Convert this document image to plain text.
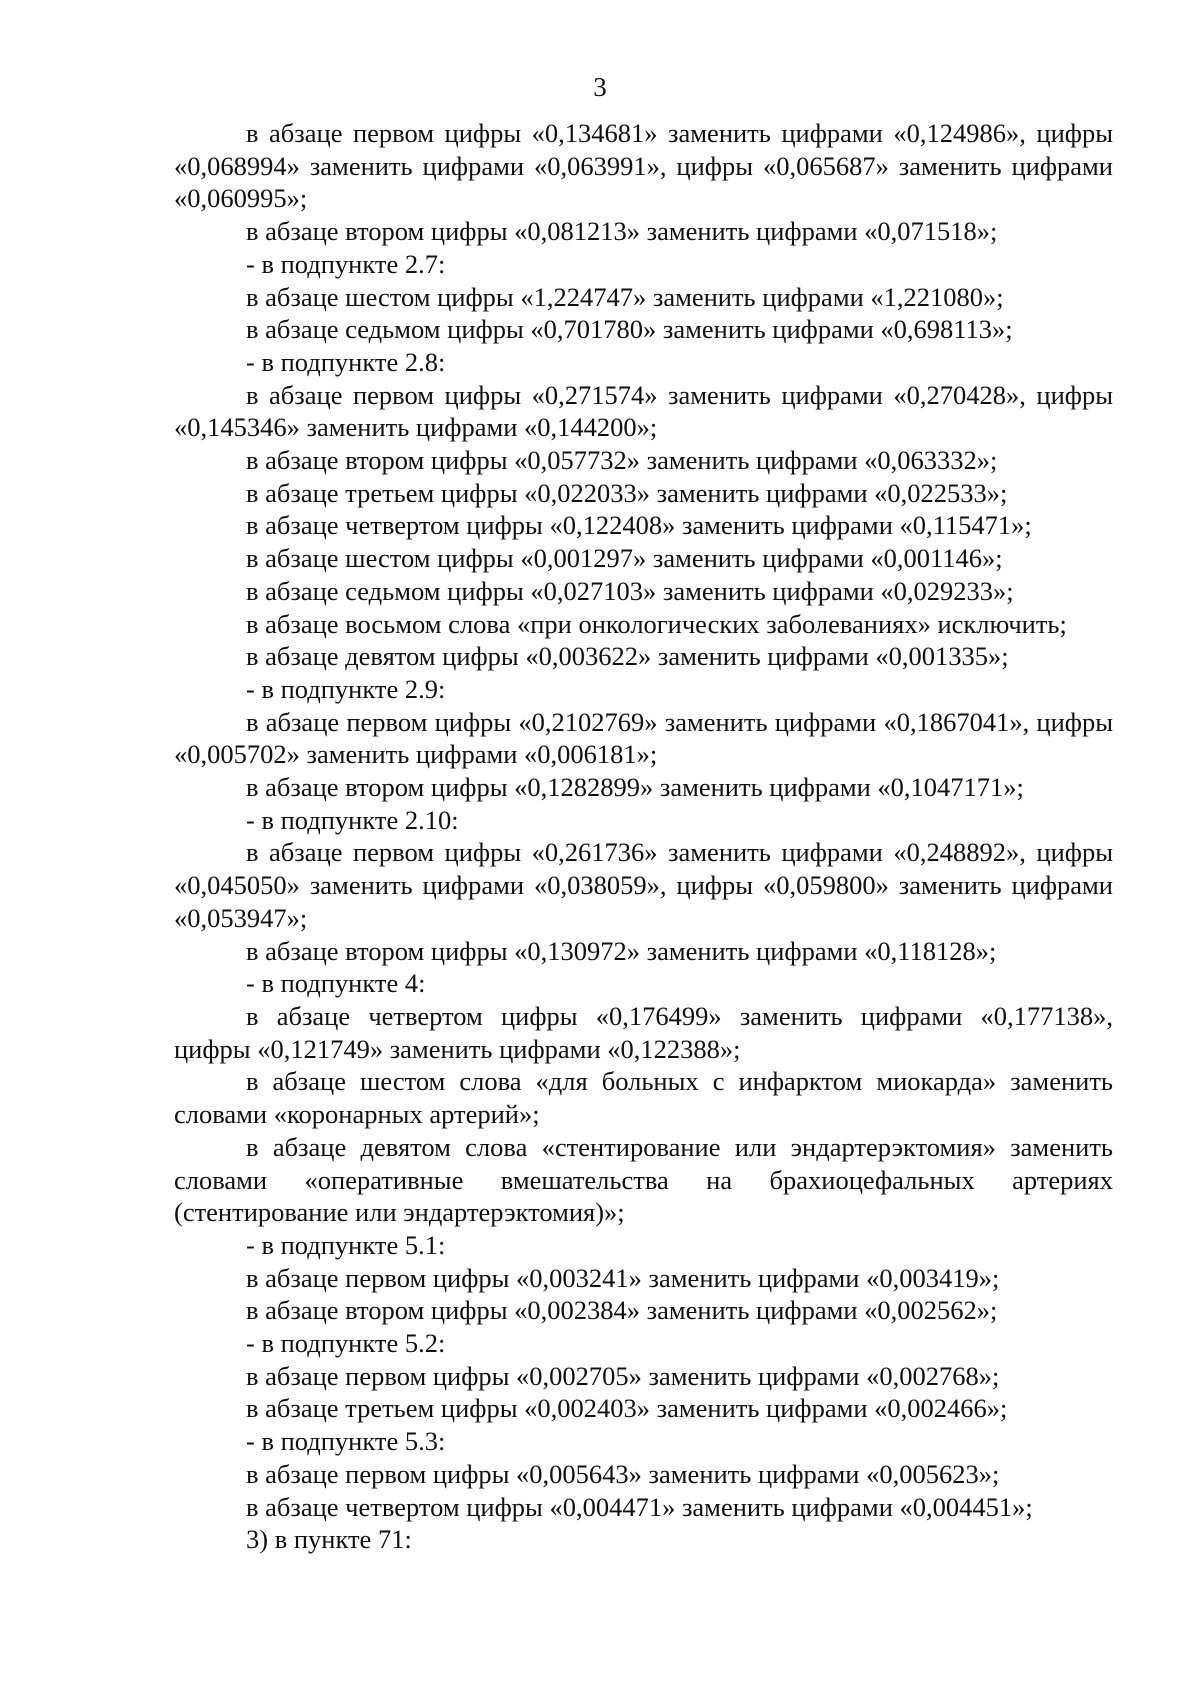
3

в абзаце первом цифры «0,134681» заменить цифрами «0,124986», цифры «0,068994» заменить цифрами «0,063991», цифры «0,065687» заменить цифрами «0,060995»;

в абзаце втором цифры «0,081213» заменить цифрами «0,071518»;

- в подпункте 2.7:

в абзаце шестом цифры «1,224747» заменить цифрами «1,221080»;

в абзаце седьмом цифры «0,701780» заменить цифрами «0,698113»;

- в подпункте 2.8:

в абзаце первом цифры «0,271574» заменить цифрами «0,270428», цифры «0,145346» заменить цифрами «0,144200»;

в абзаце втором цифры «0,057732» заменить цифрами «0,063332»;

в абзаце третьем цифры «0,022033» заменить цифрами «0,022533»;

в абзаце четвертом цифры «0,122408» заменить цифрами «0,115471»;

в абзаце шестом цифры «0,001297» заменить цифрами «0,001146»;

в абзаце седьмом цифры «0,027103» заменить цифрами «0,029233»;

в абзаце восьмом слова «при онкологических заболеваниях» исключить;

в абзаце девятом цифры «0,003622» заменить цифрами «0,001335»;

- в подпункте 2.9:

в абзаце первом цифры «0,2102769» заменить цифрами «0,1867041», цифры «0,005702» заменить цифрами «0,006181»;

в абзаце втором цифры «0,1282899» заменить цифрами «0,1047171»;

- в подпункте 2.10:

в абзаце первом цифры «0,261736» заменить цифрами «0,248892», цифры «0,045050» заменить цифрами «0,038059», цифры «0,059800» заменить цифрами «0,053947»;

в абзаце втором цифры «0,130972» заменить цифрами «0,118128»;

- в подпункте 4:

в абзаце четвертом цифры «0,176499» заменить цифрами «0,177138», цифры «0,121749» заменить цифрами «0,122388»;

в абзаце шестом слова «для больных с инфарктом миокарда» заменить словами «коронарных артерий»;

в абзаце девятом слова «стентирование или эндартерэктомия» заменить словами «оперативные вмешательства на брахиоцефальных артериях (стентирование или эндартерэктомия)»;

- в подпункте 5.1:

в абзаце первом цифры «0,003241» заменить цифрами «0,003419»;

в абзаце втором цифры «0,002384» заменить цифрами «0,002562»;

- в подпункте 5.2:

в абзаце первом цифры «0,002705» заменить цифрами «0,002768»;

в абзаце третьем цифры «0,002403» заменить цифрами «0,002466»;

- в подпункте 5.3:

в абзаце первом цифры «0,005643» заменить цифрами «0,005623»;

в абзаце четвертом цифры «0,004471» заменить цифрами «0,004451»;

3) в пункте 71:
